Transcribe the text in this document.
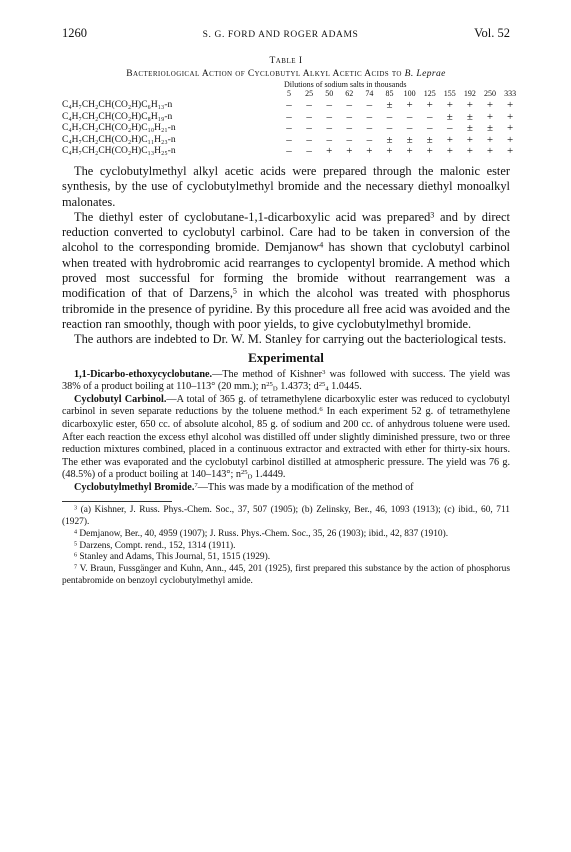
1260	S. G. FORD AND ROGER ADAMS	Vol. 52
Table I
Bacteriological Action of Cyclobutyl Alkyl Acetic Acids to B. Leprae
Dilutions of sodium salts in thousands
5	25	50	62	74	85	100	125	155	192	250	333
C₄H₇CH₂CH(CO₂H)C₆H₁₃-n	–	–	–	–	–	±	+	+	+	+	+	+
C₄H₇CH₂CH(CO₂H)C₈H₁₉-n	–	–	–	–	–	–	–	–	±	±	+	+
C₄H₇CH₂CH(CO₂H)C₁₀H₂₁-n	–	–	–	–	–	–	–	–	–	±	±	+
C₄H₇CH₂CH(CO₂H)C₁₁H₂₃-n	–	–	–	–	–	±	±	±	+	+	+	+
C₄H₇CH₂CH(CO₂H)C₁₃H₂₅-n	–	–	+	+	+	+	+	+	+	+	+	+

The cyclobutylmethyl alkyl acetic acids were prepared through the malonic ester synthesis, by the use of cyclobutylmethyl bromide and the necessary diethyl monoalkyl malonates.

The diethyl ester of cyclobutane-1,1-dicarboxylic acid was prepared$^3$ and by direct reduction converted to cyclobutyl carbinol. Care had to be taken in conversion of the alcohol to the corresponding bromide. Demjanow$^4$ has shown that cyclobutyl carbinol when treated with hydrobromic acid rearranges to cyclopentyl bromide. A method which proved most successful for forming the bromide without rearrangement was a modification of that of Darzens,$^5$ in which the alcohol was treated with phosphorus tribromide in the presence of pyridine. By this procedure all free acid was avoided and the reaction ran smoothly, though with poor yields, to give cyclobutylmethyl bromide.

The authors are indebted to Dr. W. M. Stanley for carrying out the bacteriological tests.

Experimental

1,1-Dicarbo-ethoxycyclobutane.—The method of Kishner$^3$ was followed with success. The yield was 38% of a product boiling at 110–113° (20 mm.); $n^{25}_D$ 1.4373; $d^{25}_4$ 1.0445.

Cyclobutyl Carbinol.—A total of 365 g. of tetramethylene dicarboxylic ester was reduced to cyclobutyl carbinol in seven separate reductions by the toluene method.$^6$ In each experiment 52 g. of tetramethylene dicarboxylic ester, 650 cc. of absolute alcohol, 85 g. of sodium and 200 cc. of anhydrous toluene were used. After each reaction the excess ethyl alcohol was distilled off under slightly diminished pressure, two or three reduction mixtures combined, placed in a continuous extractor and extracted with ether for thirty-six hours. The ether was evaporated and the cyclobutyl carbinol distilled at atmospheric pressure. The yield was 76 g. (48.5%) of a product boiling at 140–143°; $n^{25}_D$ 1.4449.

Cyclobutylmethyl Bromide.$^7$—This was made by a modification of the method of

$^3$ (a) Kishner, J. Russ. Phys.-Chem. Soc., 37, 507 (1905); (b) Zelinsky, Ber., 46, 1093 (1913); (c) ibid., 60, 711 (1927).

$^4$ Demjanow, Ber., 40, 4959 (1907); J. Russ. Phys.-Chem. Soc., 35, 26 (1903); ibid., 42, 837 (1910).

$^5$ Darzens, Compt. rend., 152, 1314 (1911).

$^6$ Stanley and Adams, This Journal, 51, 1515 (1929).

$^7$ V. Braun, Fussgänger and Kuhn, Ann., 445, 201 (1925), first prepared this substance by the action of phosphorus pentabromide on benzoyl cyclobutylmethyl amide.
